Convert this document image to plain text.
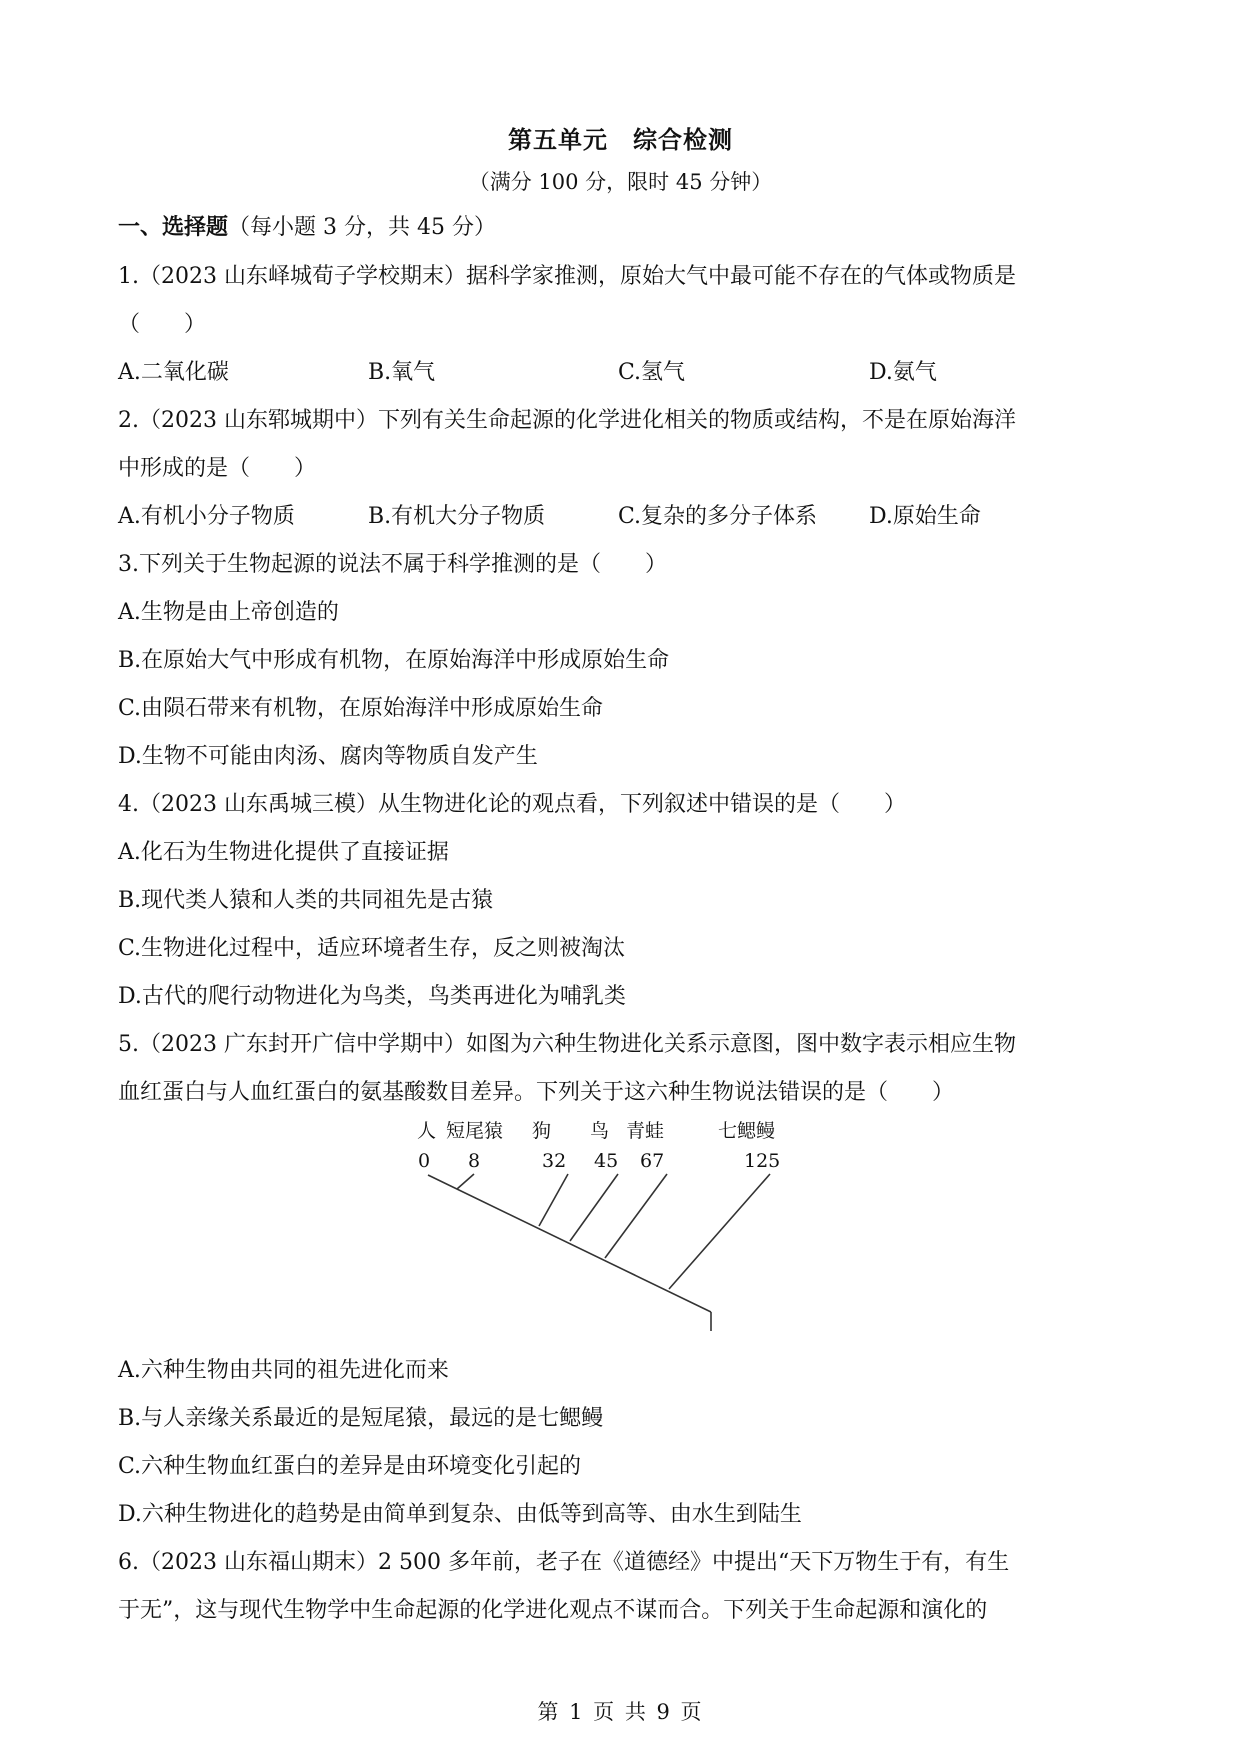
第五单元　综合检测
（满分 100 分，限时 45 分钟）
一、选择题（每小题 3 分，共 45 分）
1.（2023 山东峄城荀子学校期末）据科学家推测，原始大气中最可能不存在的气体或物质是
（　　）
A.二氧化碳	B.氧气	C.氢气	D.氨气
2.（2023 山东郓城期中）下列有关生命起源的化学进化相关的物质或结构，不是在原始海洋
中形成的是（　　）
A.有机小分子物质	B.有机大分子物质	C.复杂的多分子体系 D.原始生命
3.下列关于生物起源的说法不属于科学推测的是（　　）
A.生物是由上帝创造的
B.在原始大气中形成有机物，在原始海洋中形成原始生命
C.由陨石带来有机物，在原始海洋中形成原始生命
D.生物不可能由肉汤、腐肉等物质自发产生
4.（2023 山东禹城三模）从生物进化论的观点看，下列叙述中错误的是（　　）
A.化石为生物进化提供了直接证据
B.现代类人猿和人类的共同祖先是古猿
C.生物进化过程中，适应环境者生存，反之则被淘汰
D.古代的爬行动物进化为鸟类，鸟类再进化为哺乳类
5.（2023 广东封开广信中学期中）如图为六种生物进化关系示意图，图中数字表示相应生物
血红蛋白与人血红蛋白的氨基酸数目差异。下列关于这六种生物说法错误的是（　　）
人 短尾猿 狗 鸟 青蛙	七鳃鳗
0 8	32 45 67	125
A.六种生物由共同的祖先进化而来
B.与人亲缘关系最近的是短尾猿，最远的是七鳃鳗
C.六种生物血红蛋白的差异是由环境变化引起的
D.六种生物进化的趋势是由简单到复杂、由低等到高等、由水生到陆生
6.（2023 山东福山期末）2 500 多年前，老子在《道德经》中提出“天下万物生于有，有生
于无”，这与现代生物学中生命起源的化学进化观点不谋而合。下列关于生命起源和演化的
第 1 页 共 9 页
